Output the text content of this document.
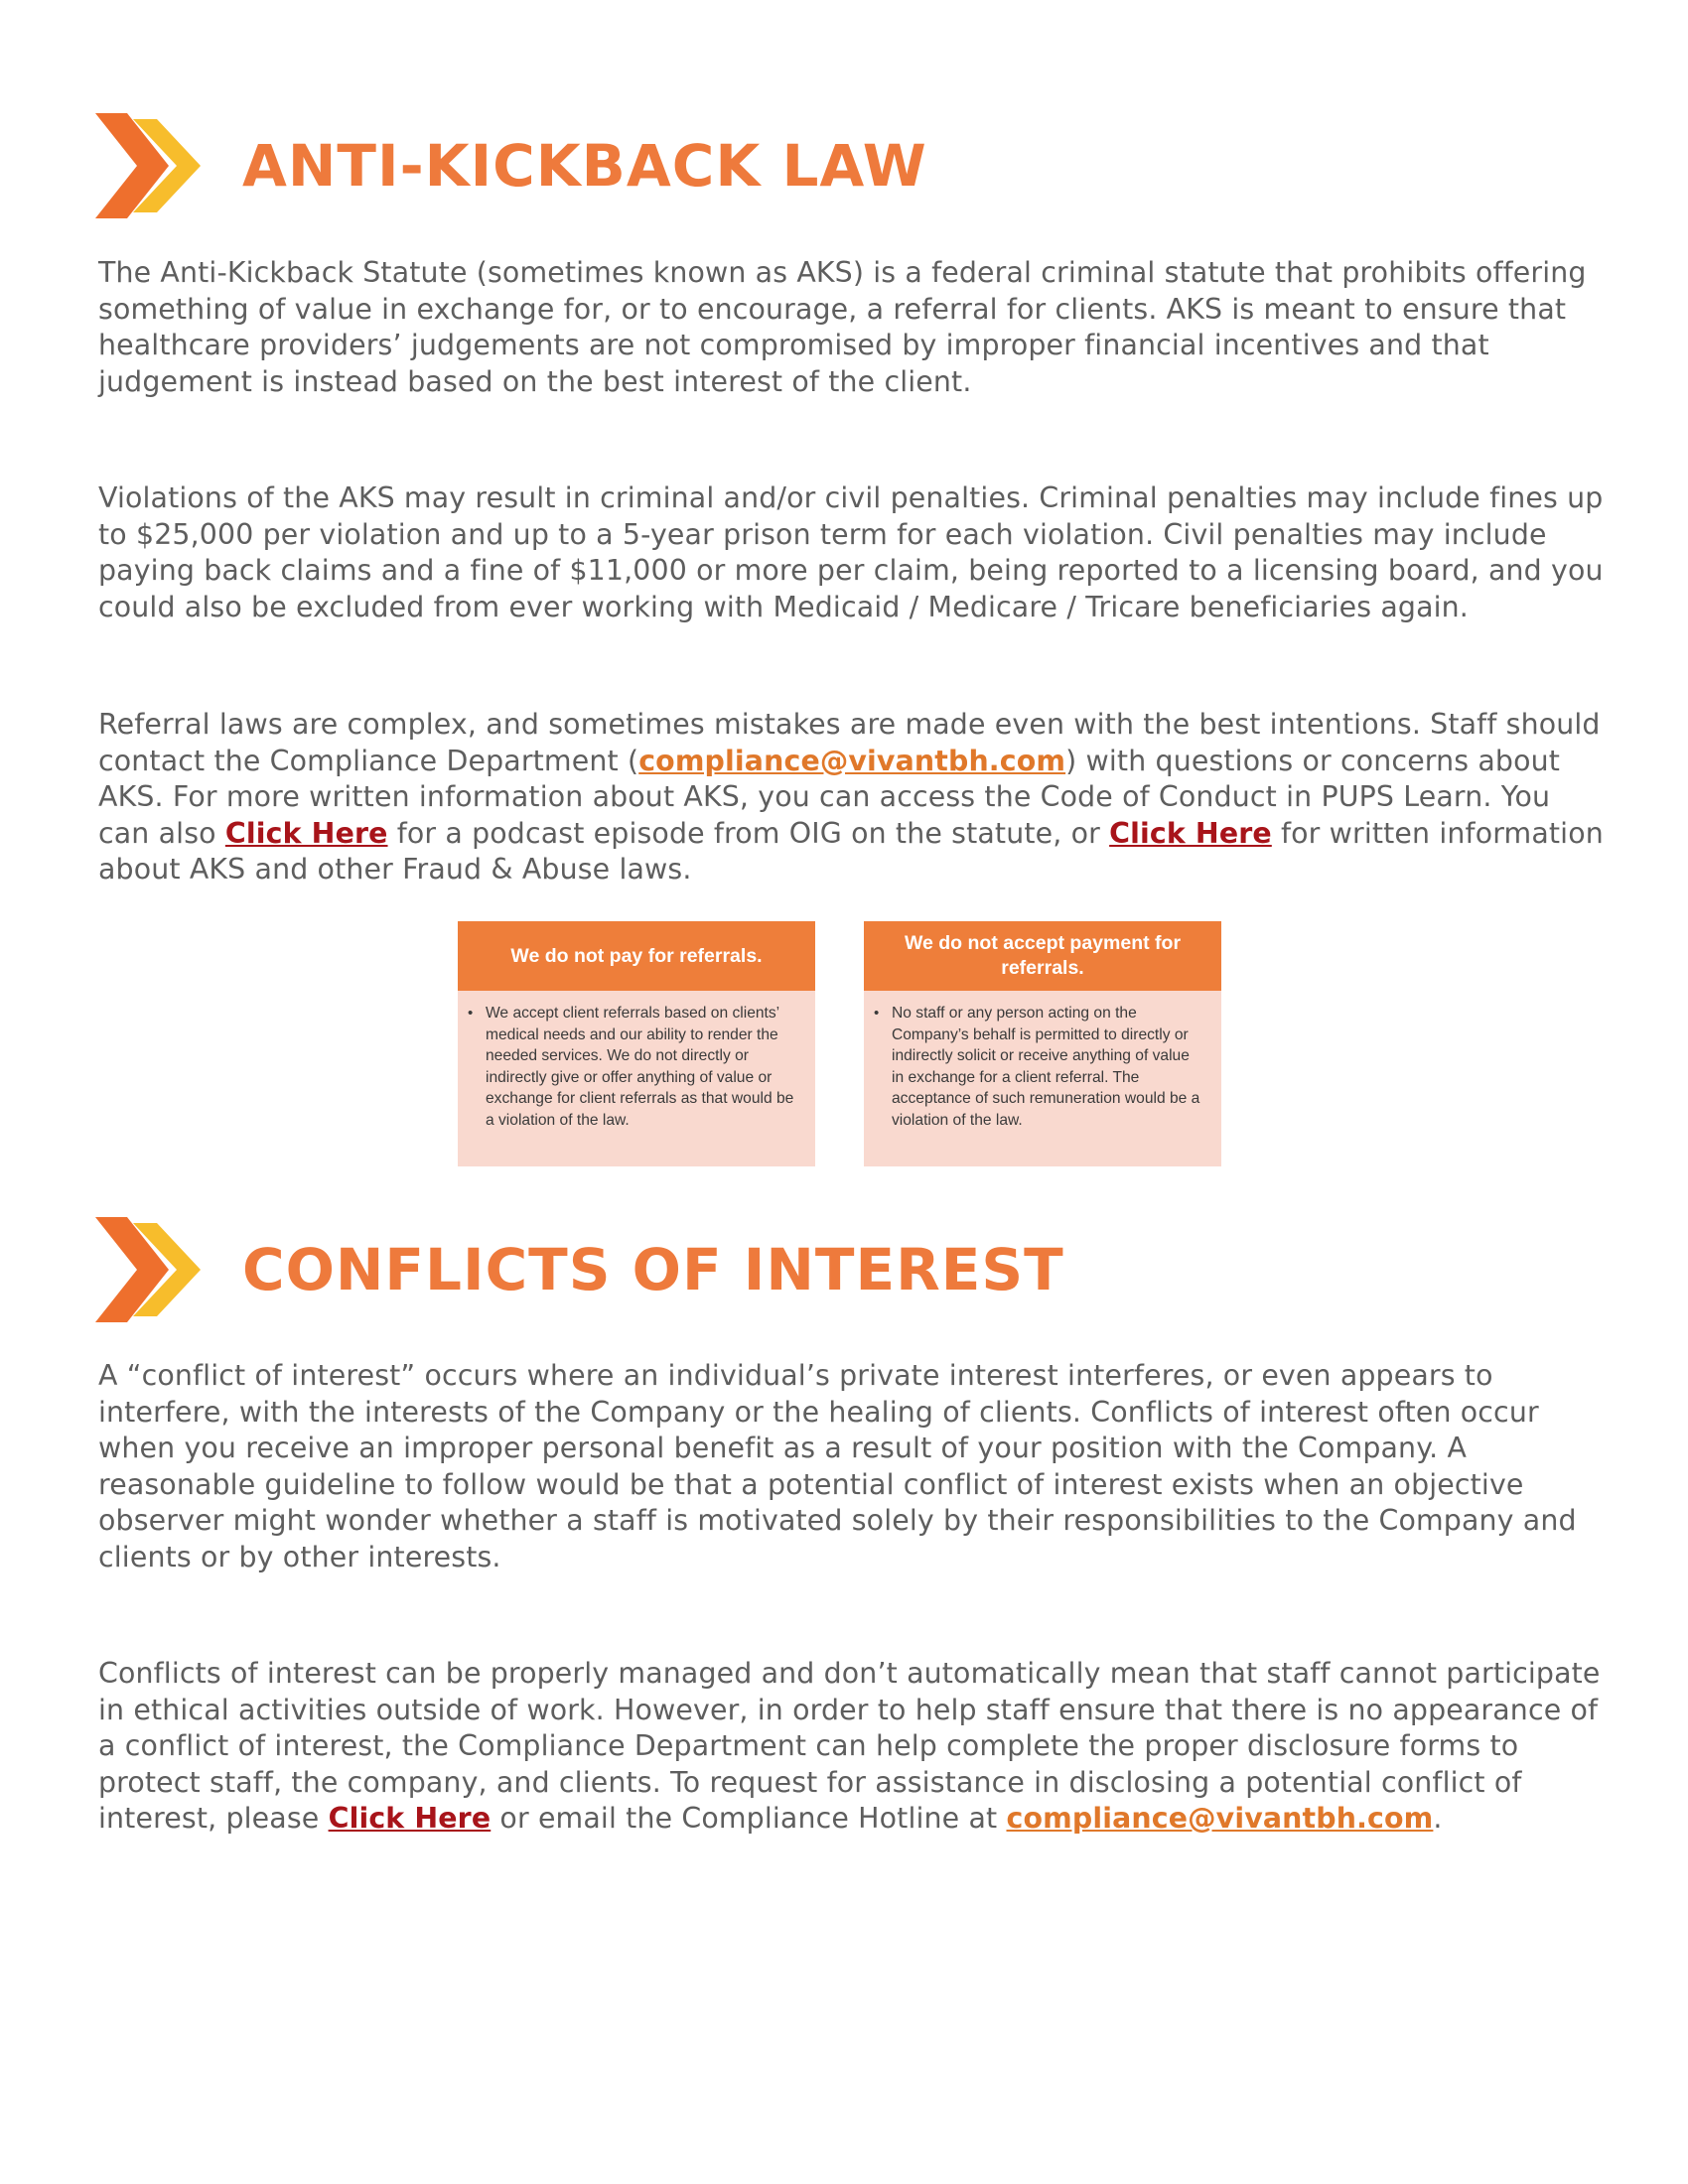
ANTI-KICKBACK LAW

The Anti-Kickback Statute (sometimes known as AKS) is a federal criminal statute that prohibits offering something of value in exchange for, or to encourage, a referral for clients. AKS is meant to ensure that healthcare providers’ judgements are not compromised by improper financial incentives and that judgement is instead based on the best interest of the client.

Violations of the AKS may result in criminal and/or civil penalties. Criminal penalties may include fines up to $25,000 per violation and up to a 5-year prison term for each violation. Civil penalties may include paying back claims and a fine of $11,000 or more per claim, being reported to a licensing board, and you could also be excluded from ever working with Medicaid / Medicare / Tricare beneficiaries again.

Referral laws are complex, and sometimes mistakes are made even with the best intentions. Staff should contact the Compliance Department (compliance@vivantbh.com) with questions or concerns about AKS. For more written information about AKS, you can access the Code of Conduct in PUPS Learn. You can also Click Here for a podcast episode from OIG on the statute, or Click Here for written information about AKS and other Fraud & Abuse laws.

We do not pay for referrals.
• We accept client referrals based on clients’ medical needs and our ability to render the needed services. We do not directly or indirectly give or offer anything of value or exchange for client referrals as that would be a violation of the law.
We do not accept payment for referrals.
• No staff or any person acting on the Company’s behalf is permitted to directly or indirectly solicit or receive anything of value in exchange for a client referral. The acceptance of such remuneration would be a violation of the law.
CONFLICTS OF INTEREST

A “conflict of interest” occurs where an individual’s private interest interferes, or even appears to interfere, with the interests of the Company or the healing of clients. Conflicts of interest often occur when you receive an improper personal benefit as a result of your position with the Company. A reasonable guideline to follow would be that a potential conflict of interest exists when an objective observer might wonder whether a staff is motivated solely by their responsibilities to the Company and clients or by other interests.

Conflicts of interest can be properly managed and don’t automatically mean that staff cannot participate in ethical activities outside of work. However, in order to help staff ensure that there is no appearance of a conflict of interest, the Compliance Department can help complete the proper disclosure forms to protect staff, the company, and clients. To request for assistance in disclosing a potential conflict of interest, please Click Here or email the Compliance Hotline at compliance@vivantbh.com.
